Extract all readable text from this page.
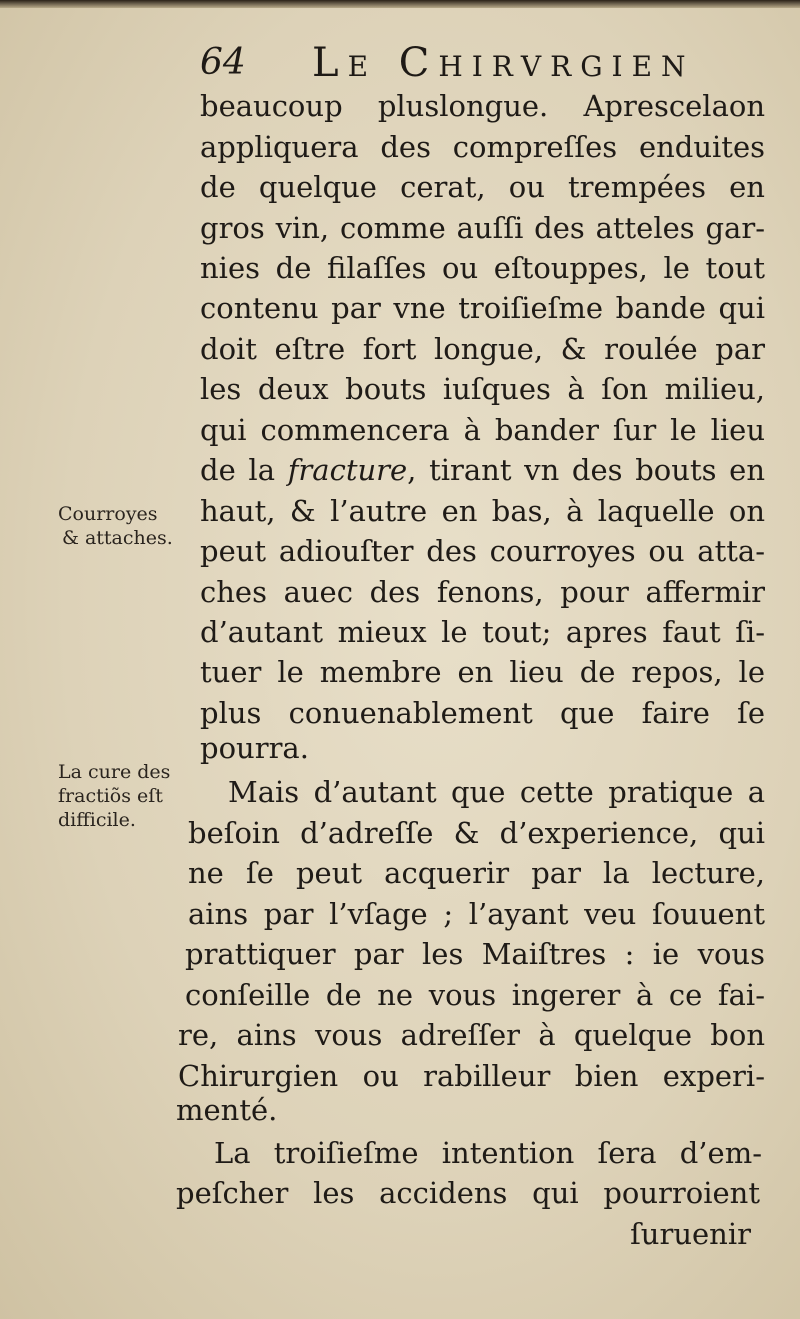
64 Le Chirvrgien
beaucoup pluslongue. Aprescelaon
appliquera des compreſſes enduites
de quelque cerat, ou trempées en
gros vin, comme auſſi des atteles gar-
nies de filaſſes ou eſtouppes, le tout
contenu par vne troiſieſme bande qui
doit eſtre fort longue, & roulée par
les deux bouts iuſques à ſon milieu,
qui commencera à bander ſur le lieu
de la fracture, tirant vn des bouts en
haut, & l’autre en bas, à laquelle on
peut adiouſter des courroyes ou atta-
ches auec des fenons, pour affermir
d’autant mieux le tout; apres faut ſi-
tuer le membre en lieu de repos, le
plus conuenablement que faire ſe
pourra.
Mais d’autant que cette pratique a
beſoin d’adreſſe & d’experience, qui
ne ſe peut acquerir par la lecture,
ains par l’vſage ; l’ayant veu ſouuent
prattiquer par les Maiſtres : ie vous
conſeille de ne vous ingerer à ce fai-
re, ains vous adreſſer à quelque bon
Chirurgien ou rabilleur bien experi-
menté.
La troiſieſme intention ſera d’em-
peſcher les accidens qui pourroient
ſuruenir
Courroyes
& attaches.
La cure des
fractiõs eſt
difficile.
